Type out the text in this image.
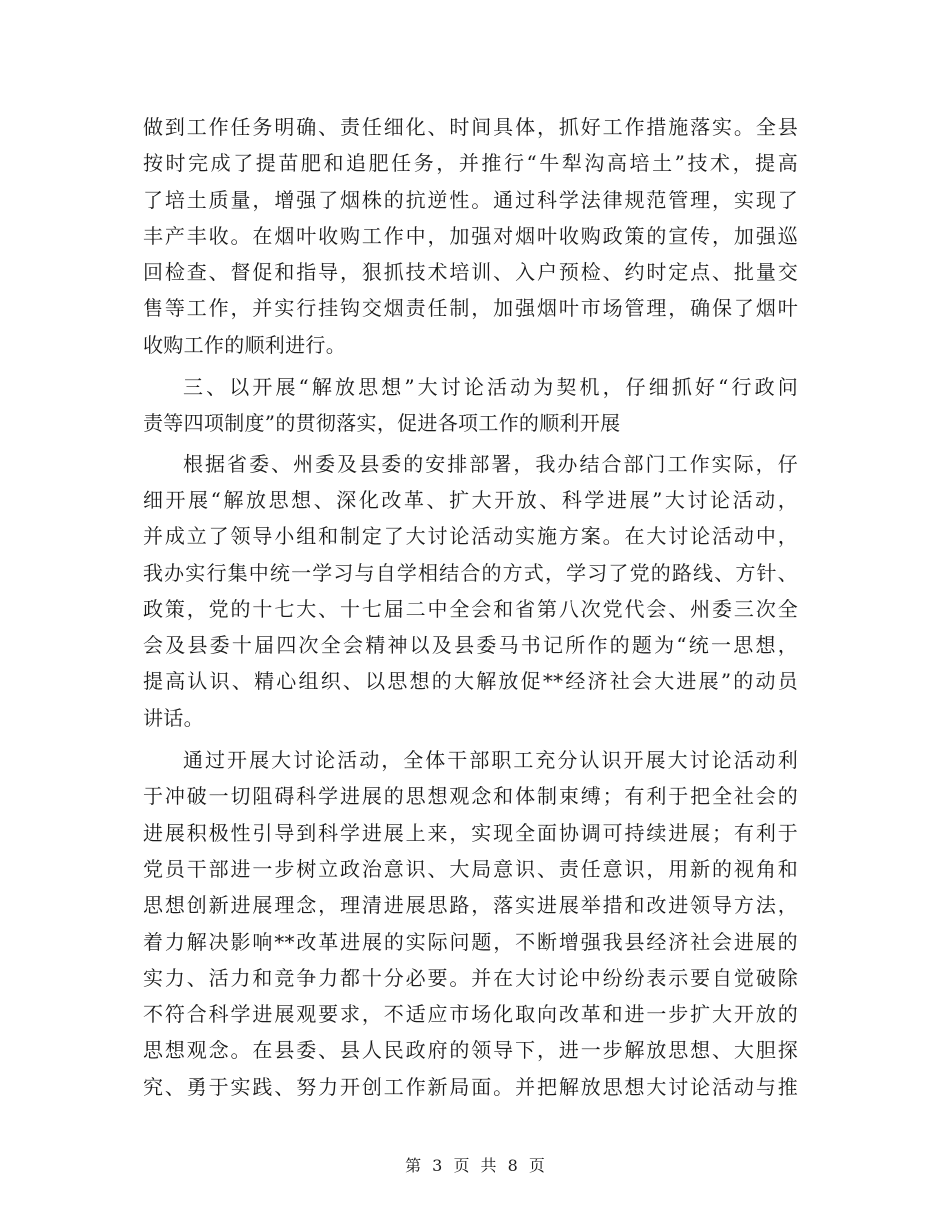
做到工作任务明确、责任细化、时间具体，抓好工作措施落实。全县
按时完成了提苗肥和追肥任务，并推行“牛犁沟高培土”技术，提高
了培土质量，增强了烟株的抗逆性。通过科学法律规范管理，实现了
丰产丰收。在烟叶收购工作中，加强对烟叶收购政策的宣传，加强巡
回检查、督促和指导，狠抓技术培训、入户预检、约时定点、批量交
售等工作，并实行挂钩交烟责任制，加强烟叶市场管理，确保了烟叶
收购工作的顺利进行。
三、以开展“解放思想”大讨论活动为契机，仔细抓好“行政问
责等四项制度”的贯彻落实，促进各项工作的顺利开展
根据省委、州委及县委的安排部署，我办结合部门工作实际，仔
细开展“解放思想、深化改革、扩大开放、科学进展”大讨论活动，
并成立了领导小组和制定了大讨论活动实施方案。在大讨论活动中，
我办实行集中统一学习与自学相结合的方式，学习了党的路线、方针、
政策，党的十七大、十七届二中全会和省第八次党代会、州委三次全
会及县委十届四次全会精神以及县委马书记所作的题为“统一思想，
提高认识、精心组织、以思想的大解放促**经济社会大进展”的动员
讲话。
通过开展大讨论活动，全体干部职工充分认识开展大讨论活动利
于冲破一切阻碍科学进展的思想观念和体制束缚；有利于把全社会的
进展积极性引导到科学进展上来，实现全面协调可持续进展；有利于
党员干部进一步树立政治意识、大局意识、责任意识，用新的视角和
思想创新进展理念，理清进展思路，落实进展举措和改进领导方法，
着力解决影响**改革进展的实际问题，不断增强我县经济社会进展的
实力、活力和竞争力都十分必要。并在大讨论中纷纷表示要自觉破除
不符合科学进展观要求，不适应市场化取向改革和进一步扩大开放的
思想观念。在县委、县人民政府的领导下，进一步解放思想、大胆探
究、勇于实践、努力开创工作新局面。并把解放思想大讨论活动与推
第 3 页 共 8 页
